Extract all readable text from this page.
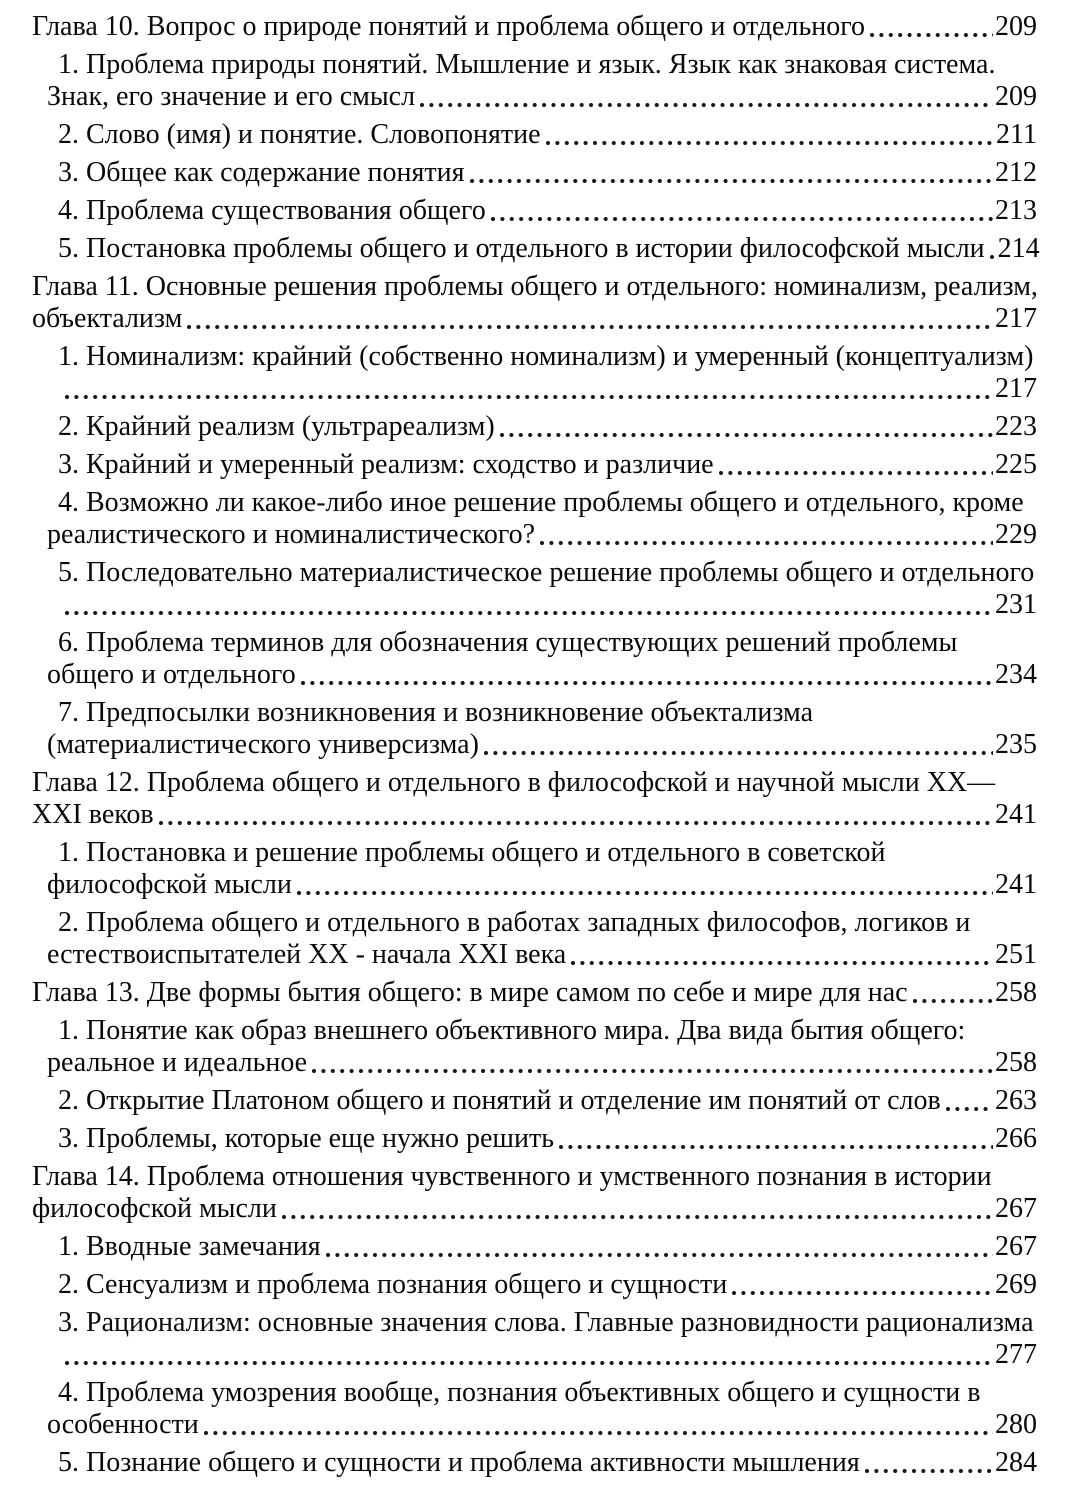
Глава 10. Вопрос о природе понятий и проблема общего и отдельного	209
1. Проблема природы понятий. Мышление и язык. Язык как знаковая система.
Знак, его значение и его смысл	209
2. Слово (имя) и понятие. Словопонятие	211
3. Общее как содержание понятия	212
4. Проблема существования общего	213
5. Постановка проблемы общего и отдельного в истории философской мысли 214
Глава 11. Основные решения проблемы общего и отдельного: номинализм, реализм,
объектализм	217
1. Номинализм: крайний (собственно номинализм) и умеренный (концептуализм)
217
2. Крайний реализм (ультрареализм)	223
3. Крайний и умеренный реализм: сходство и различие	225
4. Возможно ли какое-либо иное решение проблемы общего и отдельного, кроме
реалистического и номиналистического?	229
5. Последовательно материалистическое решение проблемы общего и отдельного
231
6. Проблема терминов для обозначения существующих решений проблемы
общего и отдельного	234
7. Предпосылки возникновения и возникновение объектализма
(материалистического универсизма)	235
Глава 12. Проблема общего и отдельного в философской и научной мысли XX—
XXI веков	241
1. Постановка и решение проблемы общего и отдельного в советской
философской мысли	241
2. Проблема общего и отдельного в работах западных философов, логиков и
естествоиспытателей XX - начала XXI века	251
Глава 13. Две формы бытия общего: в мире самом по себе и мире для нас	258
1. Понятие как образ внешнего объективного мира. Два вида бытия общего:
реальное и идеальное	258
2. Открытие Платоном общего и понятий и отделение им понятий от слов 263
3. Проблемы, которые еще нужно решить	266
Глава 14. Проблема отношения чувственного и умственного познания в истории
философской мысли	267
1. Вводные замечания	267
2. Сенсуализм и проблема познания общего и сущности	269
3. Рационализм: основные значения слова. Главные разновидности рационализма
277
4. Проблема умозрения вообще, познания объективных общего и сущности в
особенности	280
5. Познание общего и сущности и проблема активности мышления	284
